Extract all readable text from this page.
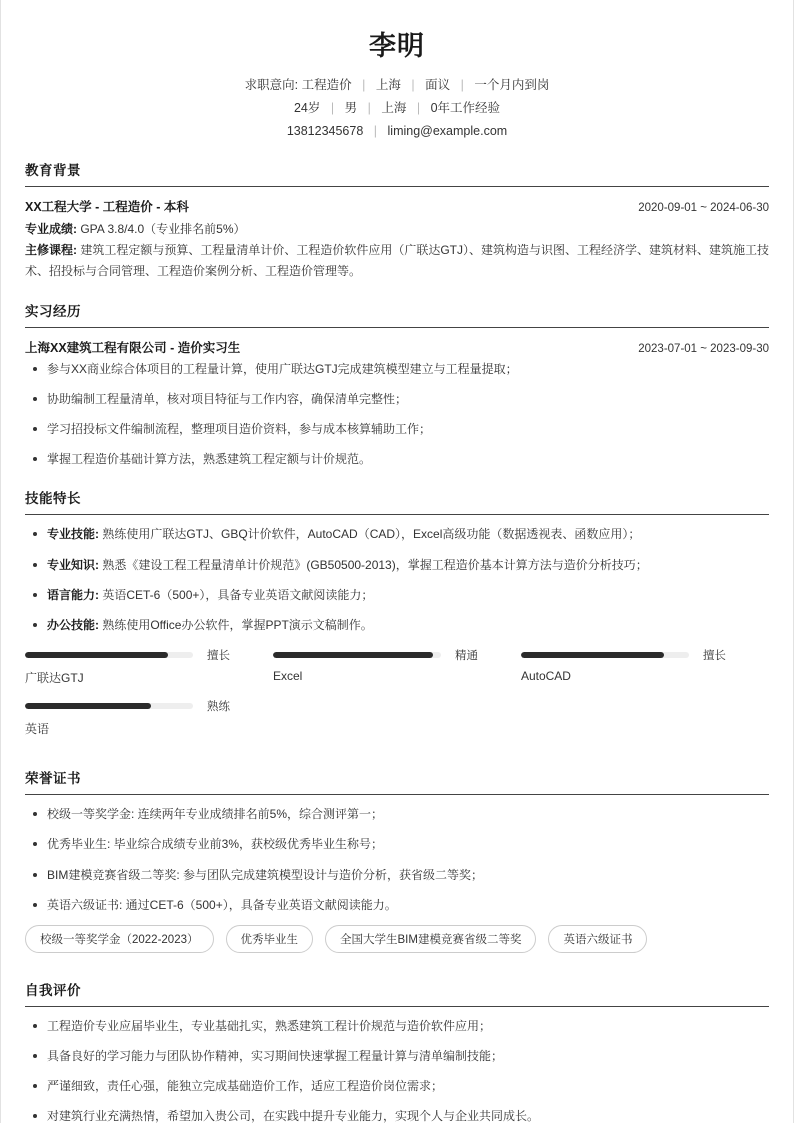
李明
求职意向: 工程造价 | 上海 | 面议 | 一个月内到岗
24岁 | 男 | 上海 | 0年工作经验
13812345678 | liming@example.com
教育背景
XX工程大学 - 工程造价 - 本科	2020-09-01 ~ 2024-06-30

专业成绩: GPA 3.8/4.0（专业排名前5%）

主修课程: 建筑工程定额与预算、工程量清单计价、工程造价软件应用（广联达GTJ）、建筑构造与识图、工程经济学、建筑材料、建筑施工技术、招投标与合同管理、工程造价案例分析、工程造价管理等。

实习经历
上海XX建筑工程有限公司 - 造价实习生	2023-07-01 ~ 2023-09-30
参与XX商业综合体项目的工程量计算，使用广联达GTJ完成建筑模型建立与工程量提取；
协助编制工程量清单，核对项目特征与工作内容，确保清单完整性；
学习招投标文件编制流程，整理项目造价资料，参与成本核算辅助工作；
掌握工程造价基础计算方法，熟悉建筑工程定额与计价规范。
技能特长
专业技能: 熟练使用广联达GTJ、GBQ计价软件，AutoCAD（CAD），Excel高级功能（数据透视表、函数应用）；
专业知识: 熟悉《建设工程工程量清单计价规范》(GB50500-2013)，掌握工程造价基本计算方法与造价分析技巧；
语言能力: 英语CET-6（500+），具备专业英语文献阅读能力；
办公技能: 熟练使用Office办公软件，掌握PPT演示文稿制作。
擅长
广联达GTJ
精通
Excel
擅长
AutoCAD
熟练
英语
荣誉证书
校级一等奖学金: 连续两年专业成绩排名前5%，综合测评第一；
优秀毕业生: 毕业综合成绩专业前3%，获校级优秀毕业生称号；
BIM建模竞赛省级二等奖: 参与团队完成建筑模型设计与造价分析，获省级二等奖；
英语六级证书: 通过CET-6（500+），具备专业英语文献阅读能力。
校级一等奖学金（2022-2023）	优秀毕业生	全国大学生BIM建模竞赛省级二等奖	英语六级证书
自我评价
工程造价专业应届毕业生，专业基础扎实，熟悉建筑工程计价规范与造价软件应用；
具备良好的学习能力与团队协作精神，实习期间快速掌握工程量计算与清单编制技能；
严谨细致，责任心强，能独立完成基础造价工作，适应工程造价岗位需求；
对建筑行业充满热情，希望加入贵公司，在实践中提升专业能力，实现个人与企业共同成长。
